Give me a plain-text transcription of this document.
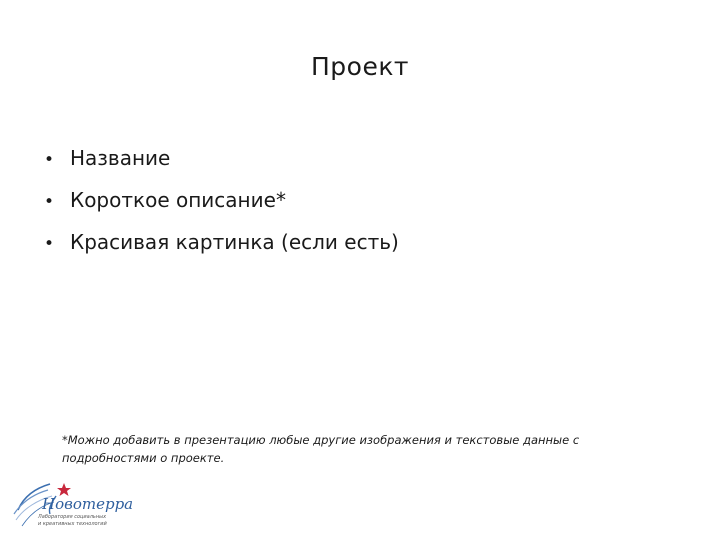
Проект
• Название
• Короткое описание*
• Красивая картинка (если есть)
*Можно добавить в презентацию любые другие изображения и текстовые данные с
подробностями о проекте.
Новотерра
Лаборатория социальных
и креативных технологий
